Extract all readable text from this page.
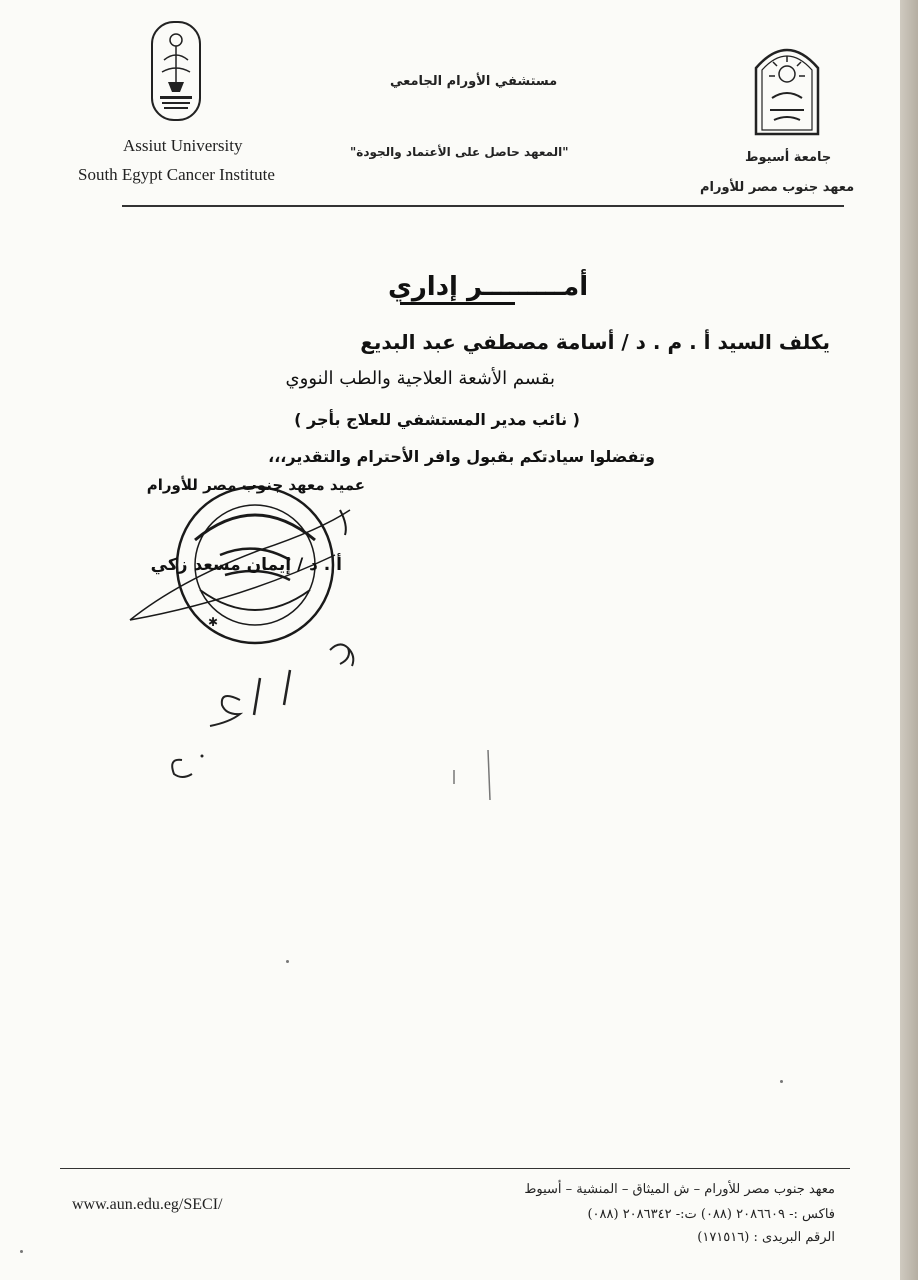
Assiut University
South Egypt Cancer Institute
مستشفي الأورام الجامعي
"المعهد حاصل على الأعتماد والجودة"	جامعة أسيوط
معهد جنوب مصر للأورام
أمـــــــــر إداري
يكلف السيد أ . م . د / أسامة مصطفي عبد البديع
بقسم الأشعة العلاجية والطب النووي
( نائب مدير المستشفي للعلاج بأجر )
وتفضلوا سيادتكم بقبول وافر الأحترام والتقدير،،،
✱
عميد معهد جنوب مصر للأورام
أ . د / إيمان مسعد زكي
www.aun.edu.eg/SECI/
معهد جنوب مصر للأورام – ش الميثاق – المنشية – أسيوط
فاكس :- ٢٠٨٦٦٠٩ (٠٨٨) ت:- ٢٠٨٦٣٤٢ (٠٨٨)
الرقم البريدى : (١٧١٥١٦)
